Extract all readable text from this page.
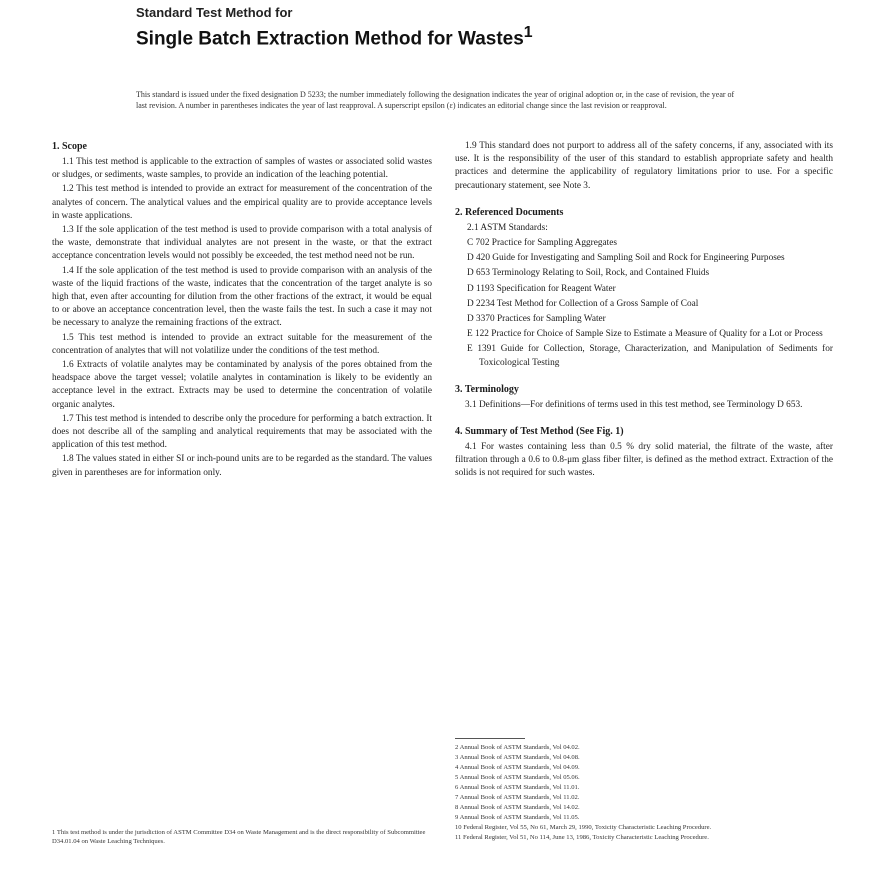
Standard Test Method for
Single Batch Extraction Method for Wastes$^1$
This standard is issued under the fixed designation D 5233; the number immediately following the designation indicates the year of original adoption or, in the case of revision, the year of last revision. A number in parentheses indicates the year of last reapproval. A superscript epsilon (ε) indicates an editorial change since the last revision or reapproval.
1. Scope

1.1 This test method is applicable to the extraction of samples of wastes or associated solid wastes or sludges, or sediments, waste samples, to provide an indication of the leaching potential.

1.2 This test method is intended to provide an extract for measurement of the concentration of the analytes of concern. The analytical values and the empirical quality are to provide acceptance levels in waste applications.

1.3 If the sole application of the test method is used to provide comparison with a total analysis of the waste, demonstrate that individual analytes are not present in the waste, or that the extract acceptance concentration levels would not possibly be exceeded, the test method need not be run.

1.4 If the sole application of the test method is used to provide comparison with an analysis of the waste of the liquid fractions of the waste, indicates that the concentration of the target analyte is so high that, even after accounting for dilution from the other fractions of the extract, it would be equal to or above an acceptance concentration level, then the waste fails the test. In such a case it may not be necessary to analyze the remaining fractions of the extract.

1.5 This test method is intended to provide an extract suitable for the measurement of the concentration of analytes that will not volatilize under the conditions of the test method.

1.6 Extracts of volatile analytes may be contaminated by analysis of the pores obtained from the headspace above the target vessel; volatile analytes in contamination is likely to be evidently an acceptance level in the extract. Extracts may be used to determine the concentration of volatile organic analytes.

1.7 This test method is intended to describe only the procedure for performing a batch extraction. It does not describe all of the sampling and analytical requirements that may be associated with the application of this test method.

1.8 The values stated in either SI or inch-pound units are to be regarded as the standard. The values given in parentheses are for information only.

1 This test method is under the jurisdiction of ASTM Committee D34 on Waste Management and is the direct responsibility of Subcommittee D34.01.04 on Waste Leaching Techniques.

1.9 This standard does not purport to address all of the safety concerns, if any, associated with its use. It is the responsibility of the user of this standard to establish appropriate safety and health practices and determine the applicability of regulatory limitations prior to use. For a specific precautionary statement, see Note 3.

2. Referenced Documents
2.1 ASTM Standards:
C 702 Practice for Sampling Aggregates
D 420 Guide for Investigating and Sampling Soil and Rock for Engineering Purposes
D 653 Terminology Relating to Soil, Rock, and Contained Fluids
D 1193 Specification for Reagent Water
D 2234 Test Method for Collection of a Gross Sample of Coal
D 3370 Practices for Sampling Water
E 122 Practice for Choice of Sample Size to Estimate a Measure of Quality for a Lot or Process
E 1391 Guide for Collection, Storage, Characterization, and Manipulation of Sediments for Toxicological Testing
3. Terminology

3.1 Definitions—For definitions of terms used in this test method, see Terminology D 653.

4. Summary of Test Method (See Fig. 1)

4.1 For wastes containing less than 0.5 % dry solid material, the filtrate of the waste, after filtration through a 0.6 to 0.8-μm glass fiber filter, is defined as the method extract. Extraction of the solids is not required for such wastes.

2 Annual Book of ASTM Standards, Vol 04.02.

3 Annual Book of ASTM Standards, Vol 04.08.

4 Annual Book of ASTM Standards, Vol 04.09.

5 Annual Book of ASTM Standards, Vol 05.06.

6 Annual Book of ASTM Standards, Vol 11.01.

7 Annual Book of ASTM Standards, Vol 11.02.

8 Annual Book of ASTM Standards, Vol 14.02.

9 Annual Book of ASTM Standards, Vol 11.05.

10 Federal Register, Vol 55, No 61, March 29, 1990, Toxicity Characteristic Leaching Procedure.

11 Federal Register, Vol 51, No 114, June 13, 1986, Toxicity Characteristic Leaching Procedure.
